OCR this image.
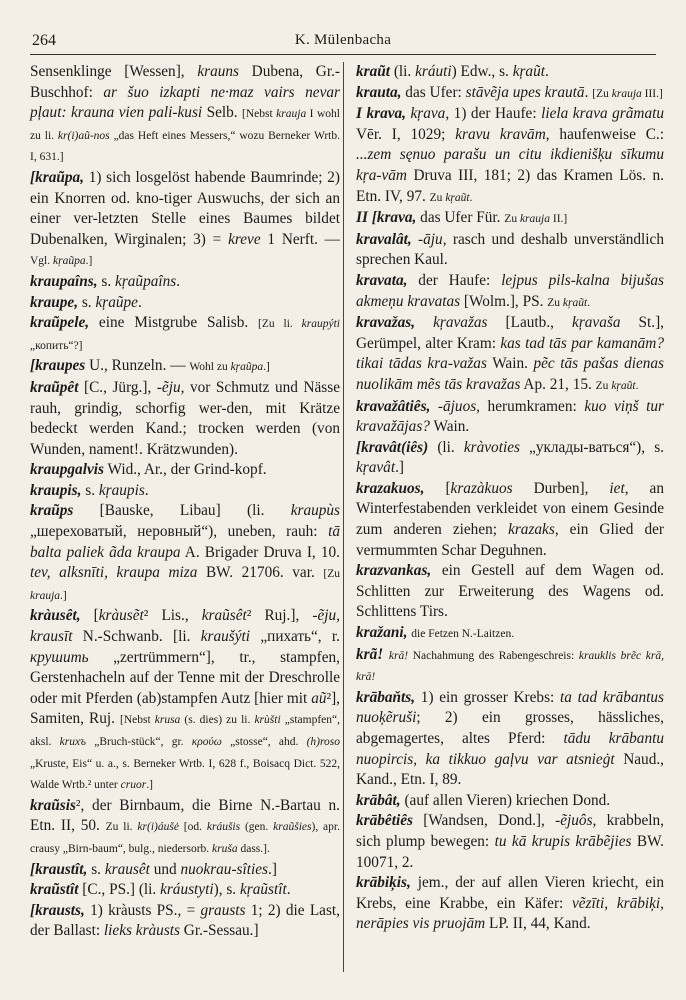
264	K. Mülenbacha

Sensenklinge [Wessen], krauns Dubena, Gr.-Buschhof: ar šuo izkapti ne·maz vairs nevar pļaut: krauna vien pali-kusi Selb. [Nebst krauja I wohl zu li. kr(i)aũ-nos „das Heft eines Messers,“ wozu Berneker Wrtb. I, 631.]

[kraũpa, 1) sich losgelöst habende Baumrinde; 2) ein Knorren od. kno-tiger Auswuchs, der sich an einer ver-letzten Stelle eines Baumes bildet Dubenalken, Wirginalen; 3) = kreve 1 Nerft. — Vgl. kŗaũpa.]

kraupaîns, s. kŗaũpaîns.

kraupe, s. kŗaũpe.

kraũpele, eine Mistgrube Salisb. [Zu li. kraupýti „копить“?]

[kraupes U., Runzeln. — Wohl zu kŗaũpa.]

kraũpêt [C., Jürg.], -ẽju, vor Schmutz und Nässe rauh, grindig, schorfig wer-den, mit Krätze bedeckt werden Kand.; trocken werden (von Wunden, nament!. Krätzwunden).

kraupgalvis Wid., Ar., der Grind-kopf.

kraupis, s. kŗaupis.

kraũps [Bauske, Libau] (li. kraupùs „шереховатый, неровный“), uneben, rauh: tā balta paliek ãda kraupa A. Brigader Druva I, 10. tev, alksnīti, kraupa miza BW. 21706. var. [Zu krauja.]

kràusêt, [kràusẽt² Lis., kraũsêt² Ruj.], -ẽju, krausīt N.-Schwanb. [li. kraušýti „пихать“, r. крушить „zertrümmern“], tr., stampfen, Gerstenhacheln auf der Tenne mit der Dreschrolle oder mit Pferden (ab)stampfen Autz [hier mit aũ²], Samiten, Ruj. [Nebst krusa (s. dies) zu li. krùšti „stampfen“, aksl. kruxъ „Bruch-stück“, gr. κρούω „stosse“, ahd. (h)roso „Kruste, Eis“ u. a., s. Berneker Wrtb. I, 628 f., Boisacq Dict. 522, Walde Wrtb.² unter cruor.]

kraũsis², der Birnbaum, die Birne N.-Bartau n. Etn. II, 50. Zu li. kr(i)áušė [od. kráušis (gen. kraũšies), apr. crausy „Birn-baum“, bulg., niedersorb. krušа dass.].

[kraustît, s. krausêt und nuokrau-sîties.]

kraũstît [C., PS.] (li. kráustyti), s. kŗaũstît.

[krausts, 1) kràusts PS., = grausts 1; 2) die Last, der Ballast: lieks kràusts Gr.-Sessau.]

kraũt (li. kráuti) Edw., s. kŗaũt.

krauta, das Ufer: stāvẽja upes krautā. [Zu krauja III.]

I krava, kŗava, 1) der Haufe: liela krava grãmatu Vēr. I, 1029; kravu kravām, haufenweise C.: ...zem sęnuo parašu un citu ikdienišķu sīkumu kŗa-vām Druva III, 181; 2) das Kramen Lös. n. Etn. IV, 97. Zu kŗaũt.

II [krava, das Ufer Für. Zu krauja II.]

kravalât, -āju, rasch und deshalb unverständlich sprechen Kaul.

kravata, der Haufe: lejpus pils-kalna bijušas akmeņu kravatas [Wolm.], PS. Zu kŗaũt.

kravažas, kŗavažas [Lautb., kŗavaša St.], Gerümpel, alter Kram: kas tad tās par kamanām? tikai tādas kra-važas Wain. pẽc tās pašas dienas nuolikām mẽs tās kravažas Ap. 21, 15. Zu kŗaũt.

kravažâtiês, -ājuos, herumkramen: kuo viņš tur kravažājas? Wain.

[kravât(iês) (li. kràvoties „уклады-ваться“), s. kŗavât.]

krazakuos, [krazàkuos Durben], iet, an Winterfestabenden verkleidet von einem Gesinde zum anderen ziehen; krazaks, ein Glied der vermummten Schar Deguhnen.

krazvankas, ein Gestell auf dem Wagen od. Schlitten zur Erweiterung des Wagens od. Schlittens Tirs.

kražani, die Fetzen N.-Laitzen.

krã! krā! Nachahmung des Rabengeschreis: krauklis brẽc krā, krā!

krābaňts, 1) ein grosser Krebs: ta tad krābantus nuoķẽruši; 2) ein grosses, hässliches, abgemagertes, altes Pferd: tādu krābantu nuopircis, ka tikkuo gaļvu var atsnieġt Naud., Kand., Etn. I, 89.

krābât, (auf allen Vieren) kriechen Dond.

krābêtiês [Wandsen, Dond.], -ẽjuôs, krabbeln, sich plump bewegen: tu kā krupis krābẽjies BW. 10071, 2.

krābiķis, jem., der auf allen Vieren kriecht, ein Krebs, eine Krabbe, ein Käfer: vẽzīti, krābiķi, nerāpies vis pruojām LP. II, 44, Kand.
